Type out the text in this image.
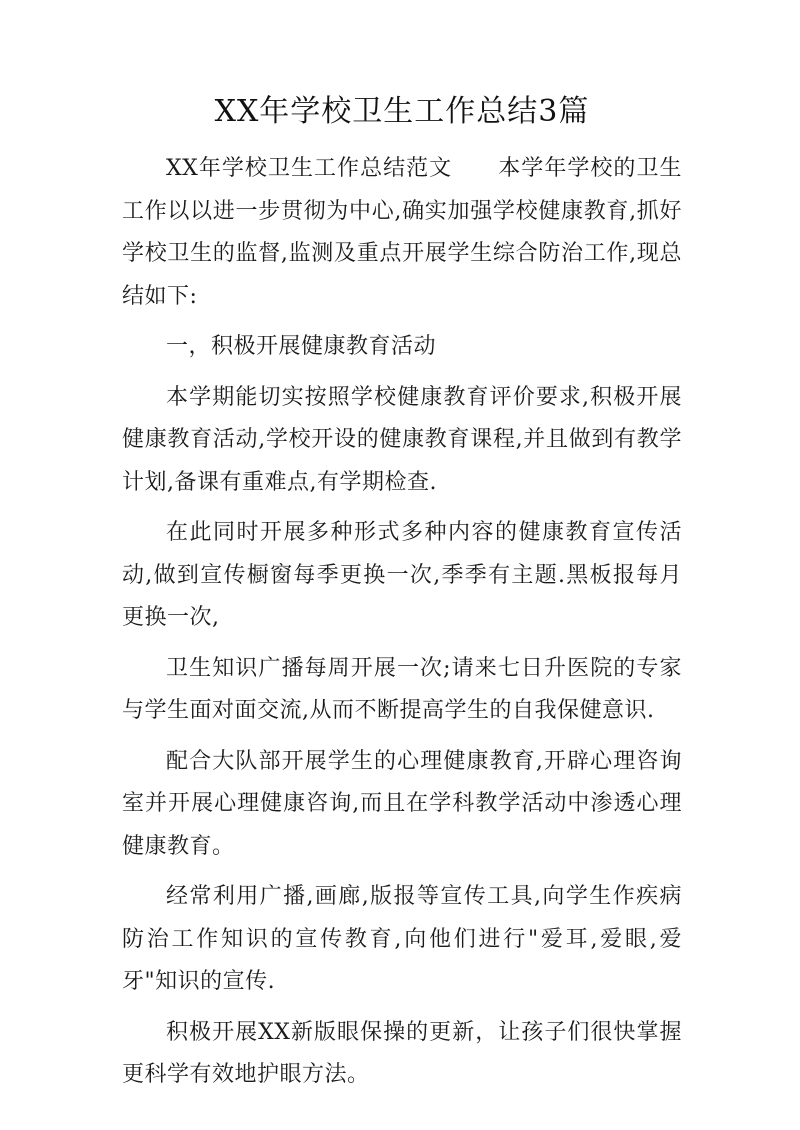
XX年学校卫生工作总结3篇

XX年学校卫生工作总结范文　　本学年学校的卫生工作以以进一步贯彻为中心,确实加强学校健康教育,抓好学校卫生的监督,监测及重点开展学生综合防治工作,现总结如下:

一，积极开展健康教育活动

本学期能切实按照学校健康教育评价要求,积极开展健康教育活动,学校开设的健康教育课程,并且做到有教学计划,备课有重难点,有学期检查.

在此同时开展多种形式多种内容的健康教育宣传活动,做到宣传橱窗每季更换一次,季季有主题.黑板报每月更换一次,

卫生知识广播每周开展一次;请来七日升医院的专家与学生面对面交流,从而不断提高学生的自我保健意识.

配合大队部开展学生的心理健康教育,开辟心理咨询室并开展心理健康咨询,而且在学科教学活动中渗透心理健康教育。

经常利用广播,画廊,版报等宣传工具,向学生作疾病防治工作知识的宣传教育,向他们进行"爱耳,爱眼,爱牙"知识的宣传.

积极开展XX新版眼保操的更新，让孩子们很快掌握更科学有效地护眼方法。
